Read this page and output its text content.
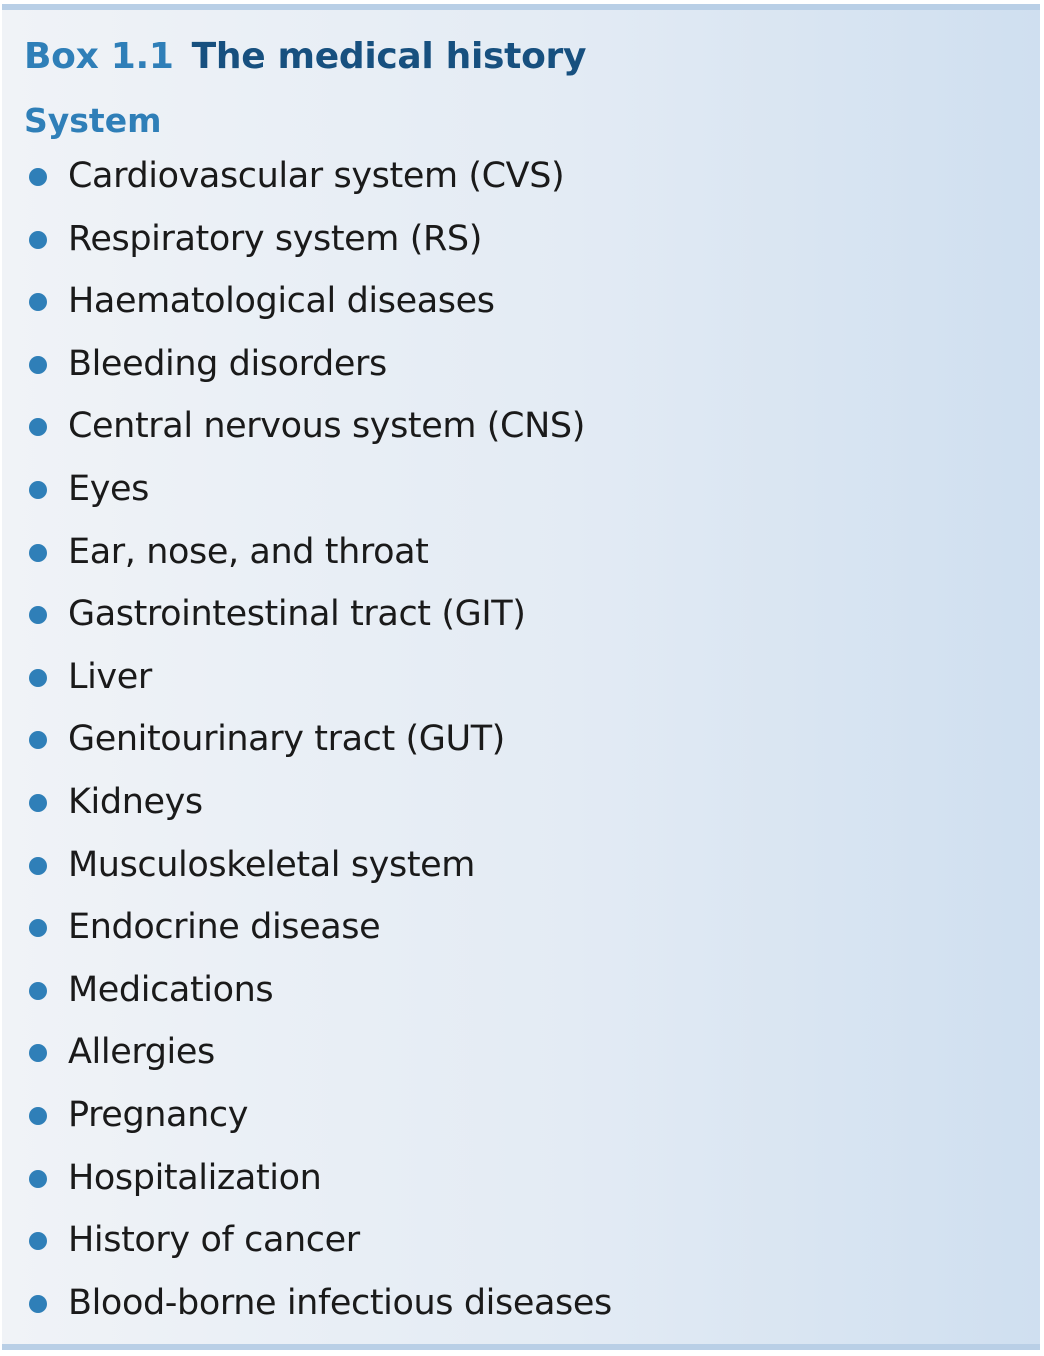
Box 1.1 The medical history
System
Cardiovascular system (CVS)
Respiratory system (RS)
Haematological diseases
Bleeding disorders
Central nervous system (CNS)
Eyes
Ear, nose, and throat
Gastrointestinal tract (GIT)
Liver
Genitourinary tract (GUT)
Kidneys
Musculoskeletal system
Endocrine disease
Medications
Allergies
Pregnancy
Hospitalization
History of cancer
Blood-borne infectious diseases
